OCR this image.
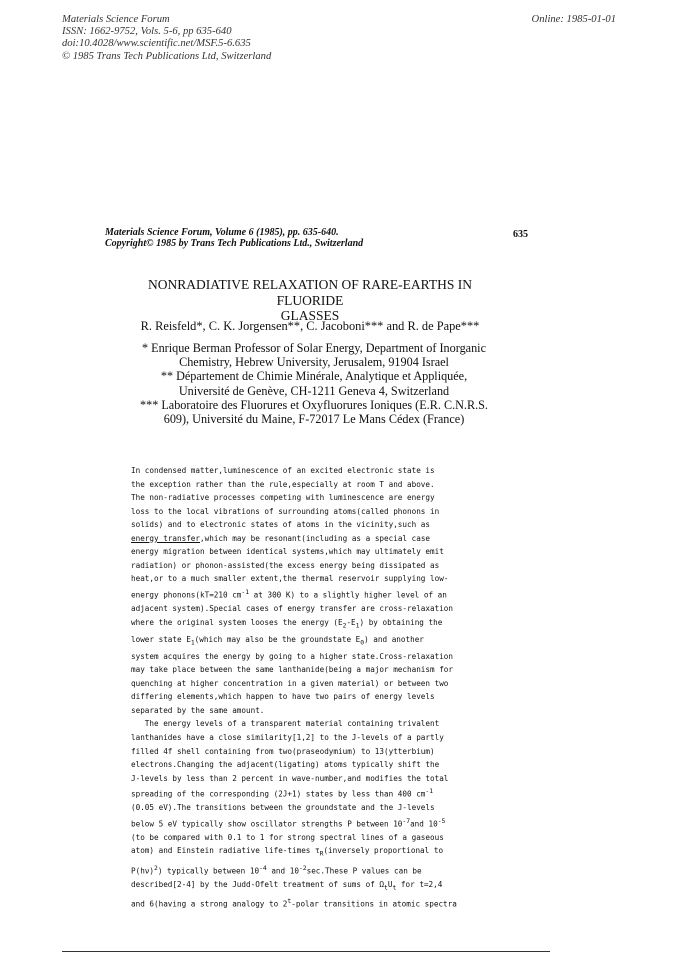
Materials Science Forum
ISSN: 1662-9752, Vols. 5-6, pp 635-640
doi:10.4028/www.scientific.net/MSF.5-6.635
© 1985 Trans Tech Publications Ltd, Switzerland
Online: 1985-01-01
Materials Science Forum, Volume 6 (1985), pp. 635-640.
Copyright© 1985 by Trans Tech Publications Ltd., Switzerland
635
NONRADIATIVE RELAXATION OF RARE-EARTHS IN FLUORIDE
GLASSES
R. Reisfeld*, C. K. Jorgensen**, C. Jacoboni*** and R. de Pape***
* Enrique Berman Professor of Solar Energy, Department of Inorganic
Chemistry, Hebrew University, Jerusalem, 91904 Israel
** Département de Chimie Minérale, Analytique et Appliquée,
Université de Genève, CH-1211 Geneva 4, Switzerland
*** Laboratoire des Fluorures et Oxyfluorures Ioniques (E.R. C.N.R.S.
609), Université du Maine, F-72017 Le Mans Cédex (France)
In condensed matter,luminescence of an excited electronic state is
the exception rather than the rule,especially at room T and above.
The non-radiative processes competing with luminescence are energy
loss to the local vibrations of surrounding atoms(called phonons in
solids) and to electronic states of atoms in the vicinity,such as
energy transfer,which may be resonant(including as a special case
energy migration between identical systems,which may ultimately emit
radiation) or phonon-assisted(the excess energy being dissipated as
heat,or to a much smaller extent,the thermal reservoir supplying low-
energy phonons(kT=210 $cm^{-1}$ at 300 K) to a slightly higher level of an
adjacent system).Special cases of energy transfer are cross-relaxation
where the original system looses the energy $(E_2-E_1)$ by obtaining the
lower state $E_1(which$ may also be the groundstate $E_0$) and another
system acquires the energy by going to a higher state.Cross-relaxation
may take place between the same lanthanide(being a major mechanism for
quenching at higher concentration in a given material) or between two
differing elements,which happen to have two pairs of energy levels
separated by the same amount.
The energy levels of a transparent material containing trivalent
lanthanides have a close similarity[1,2] to the J-levels of a partly
filled 4f shell containing from two(praseodymium) to 13(ytterbium)
electrons.Changing the adjacent(ligating) atoms typically shift the
J-levels by less than 2 percent in wave-number,and modifies the total
spreading of the corresponding (2J+1) states by less than 400 $cm^{-1}$
(0.05 eV).The transitions between the groundstate and the J-levels
below 5 eV typically show oscillator strengths P between $10^{-7}and$ $10^{-5}$
(to be compared with 0.1 to 1 for strong spectral lines of a gaseous
atom) and Einstein radiative life-times $\tau_R(inversely$ proportional to
$P(h\nu)^2$) typically between $10^{-4}$ and $10^{-2}\sec.These$ P values can be
described[2-4] by the Judd-Ofelt treatment of sums of $\Omega_tU_t$ for t=2,4
and 6(having a strong analogy to 2$^t$-polar transitions in atomic spectra
